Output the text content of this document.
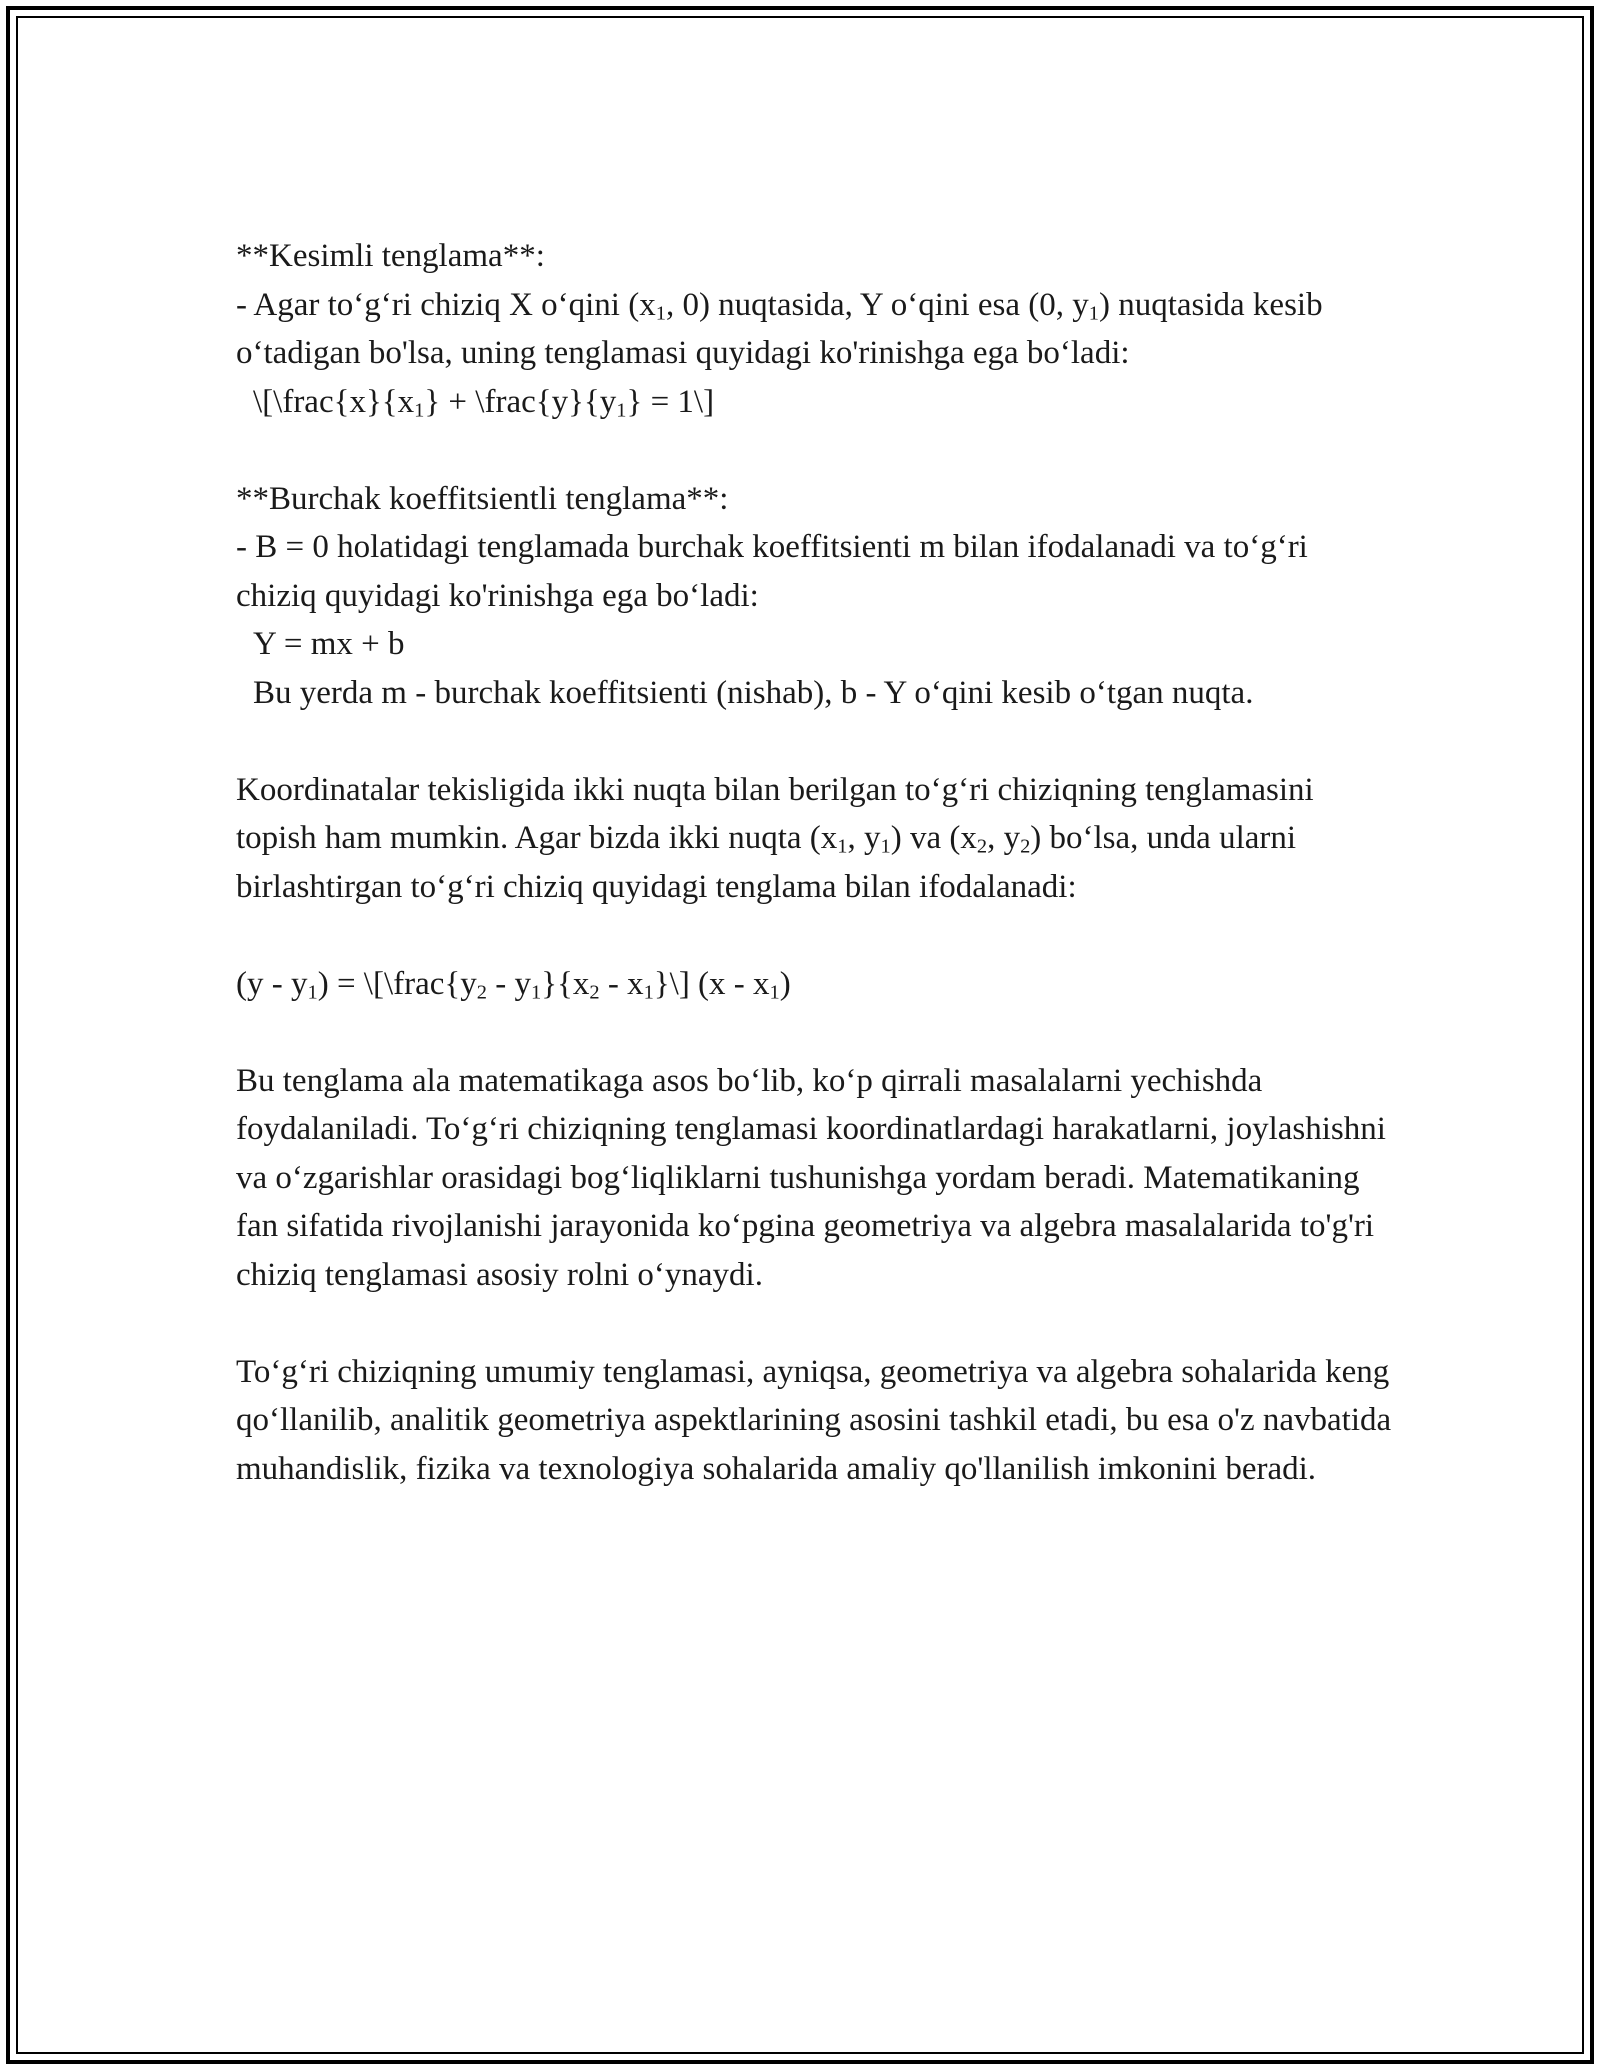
**Kesimli tenglama**:

- Agar to‘g‘ri chiziq X o‘qini ($x_1$, 0) nuqtasida, Y o‘qini esa (0, $y_1$) nuqtasida kesib o‘tadigan bo'lsa, uning tenglamasi quyidagi ko'rinishga ega bo‘ladi:

$\backslash[\backslash frac\{x\}\{x_1\}$ + $\backslash frac\{y\}\{y_1\}$ = 1\]

**Burchak koeffitsientli tenglama**:

- B = 0 holatidagi tenglamada burchak koeffitsienti m bilan ifodalanadi va to‘g‘ri chiziq quyidagi ko'rinishga ega bo‘ladi:

Y = mx + b

Bu yerda m - burchak koeffitsienti (nishab), b - Y o‘qini kesib o‘tgan nuqta.

Koordinatalar tekisligida ikki nuqta bilan berilgan to‘g‘ri chiziqning tenglamasini topish ham mumkin. Agar bizda ikki nuqta ($x_1$, $y_1$) va ($x_2$, $y_2$) bo‘lsa, unda ularni birlashtirgan to‘g‘ri chiziq quyidagi tenglama bilan ifodalanadi:

$(y - y_1)$ = $\backslash[\backslash frac\{y_2 - y_1\}\{x_2$ - $x_1\}\backslash$] $(x - x_1)$

Bu tenglama ala matematikaga asos bo‘lib, ko‘p qirrali masalalarni yechishda foydalaniladi. To‘g‘ri chiziqning tenglamasi koordinatlardagi harakatlarni, joylashishni va o‘zgarishlar orasidagi bog‘liqliklarni tushunishga yordam beradi. Matematikaning fan sifatida rivojlanishi jarayonida ko‘pgina geometriya va algebra masalalarida to'g'ri chiziq tenglamasi asosiy rolni o‘ynaydi.

To‘g‘ri chiziqning umumiy tenglamasi, ayniqsa, geometriya va algebra sohalarida keng qo‘llanilib, analitik geometriya aspektlarining asosini tashkil etadi, bu esa o'z navbatida muhandislik, fizika va texnologiya sohalarida amaliy qo'llanilish imkonini beradi.
